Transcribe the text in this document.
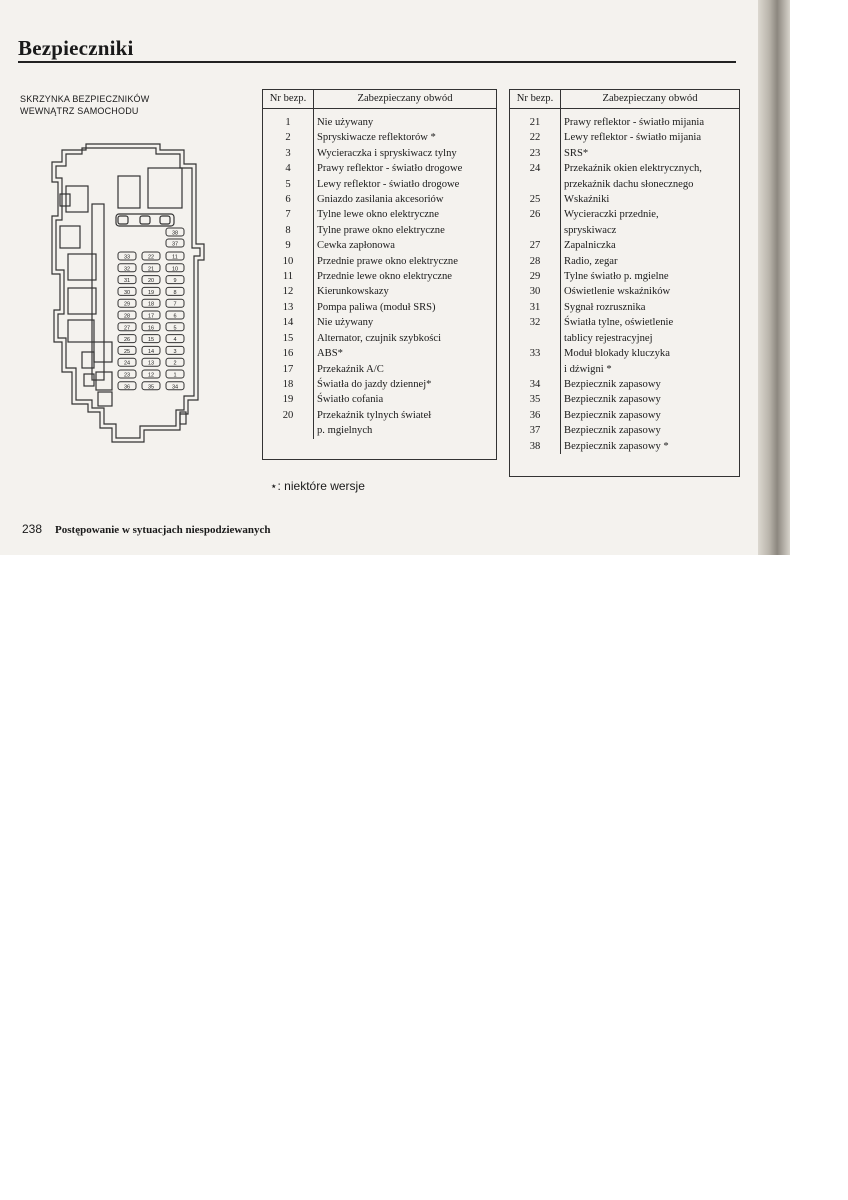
Bezpieczniki
SKRZYNKA BEZPIECZNIKÓW
WEWNĄTRZ SAMOCHODU
38
37
33	22	11
32	21	10
31	20	9
30	19	8
29	18	7
28	17	6
27	16	5
26	15	4
25	14	3
24	13	2
23	12	1
36	35	34
Nr bezp.	Zabezpieczany obwód
1	Nie używany
2	Spryskiwacze reflektorów *
3	Wycieraczka i spryskiwacz tylny
4	Prawy reflektor - światło drogowe
5	Lewy reflektor - światło drogowe
6	Gniazdo zasilania akcesoriów
7	Tylne lewe okno elektryczne
8	Tylne prawe okno elektryczne
9	Cewka zapłonowa
10	Przednie prawe okno elektryczne
11	Przednie lewe okno elektryczne
12	Kierunkowskazy
13	Pompa paliwa (moduł SRS)
14	Nie używany
15	Alternator, czujnik szybkości
16	ABS*
17	Przekaźnik A/C
18	Światła do jazdy dziennej*
19	Światło cofania
20	Przekaźnik tylnych świateł
	p. mgielnych
Nr bezp.	Zabezpieczany obwód
21	Prawy reflektor - światło mijania
22	Lewy reflektor - światło mijania
23	SRS*
24	Przekaźnik okien elektrycznych,
	przekaźnik dachu słonecznego
25	Wskaźniki
26	Wycieraczki przednie,
	spryskiwacz
27	Zapalniczka
28	Radio, zegar
29	Tylne światło p. mgielne
30	Oświetlenie wskaźników
31	Sygnał rozrusznika
32	Światła tylne, oświetlenie
	tablicy rejestracyjnej
33	Moduł blokady kluczyka
	i dźwigni *
34	Bezpiecznik zapasowy
35	Bezpiecznik zapasowy
36	Bezpiecznik zapasowy
37	Bezpiecznik zapasowy
38	Bezpiecznik zapasowy *
⋆: niektóre wersje
238 Postępowanie w sytuacjach niespodziewanych
